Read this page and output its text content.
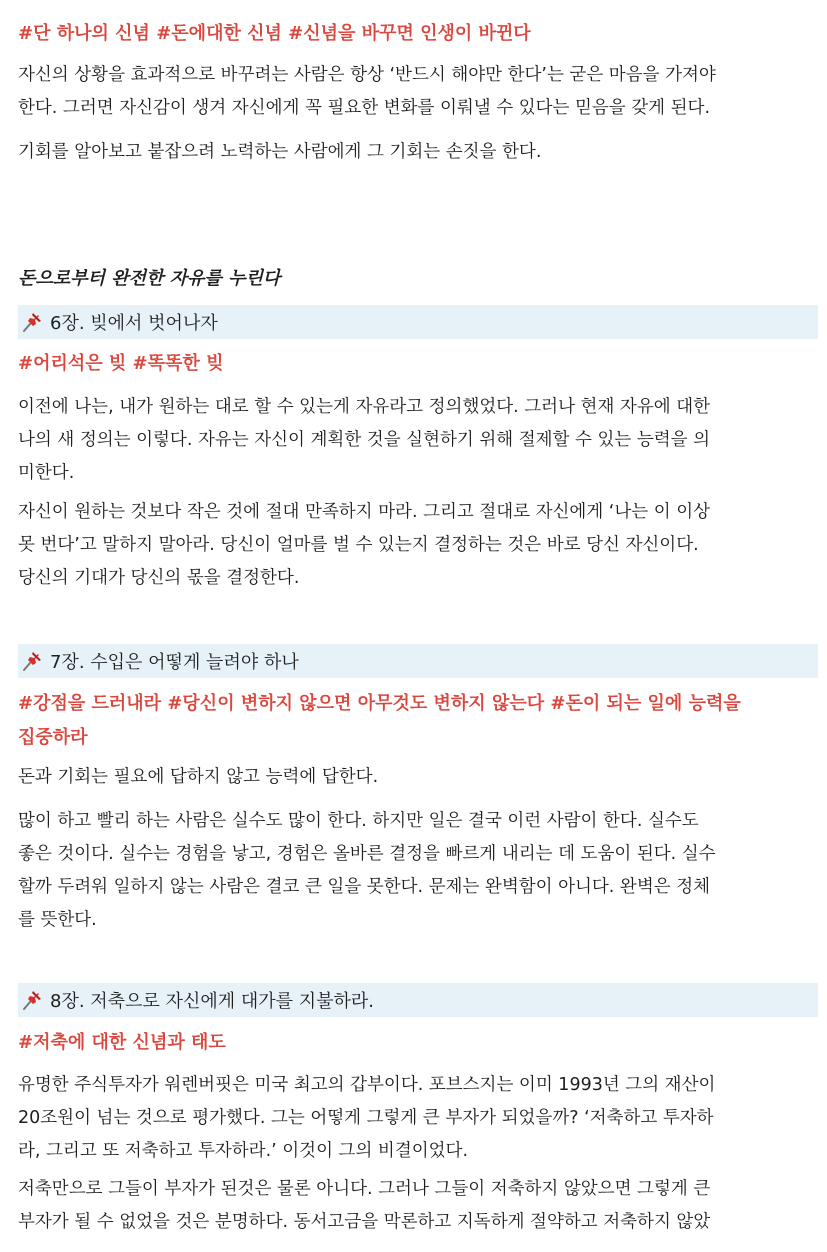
#단 하나의 신념 #돈에대한 신념 #신념을 바꾸면 인생이 바뀐다

자신의 상황을 효과적으로 바꾸려는 사람은 항상 ‘반드시 해야만 한다’는 굳은 마음을 가져야
한다. 그러면 자신감이 생겨 자신에게 꼭 필요한 변화를 이뤄낼 수 있다는 믿음을 갖게 된다.

기회를 알아보고 붙잡으려 노력하는 사람에게 그 기회는 손짓을 한다.

돈으로부터 완전한 자유를 누린다

6장. 빚에서 벗어나자

#어리석은 빚 #똑똑한 빚

이전에 나는, 내가 원하는 대로 할 수 있는게 자유라고 정의했었다. 그러나 현재 자유에 대한
나의 새 정의는 이렇다. 자유는 자신이 계획한 것을 실현하기 위해 절제할 수 있는 능력을 의
미한다.

자신이 원하는 것보다 작은 것에 절대 만족하지 마라. 그리고 절대로 자신에게 ‘나는 이 이상
못 번다’고 말하지 말아라. 당신이 얼마를 벌 수 있는지 결정하는 것은 바로 당신 자신이다.
당신의 기대가 당신의 몫을 결정한다.

7장. 수입은 어떻게 늘려야 하나

#강점을 드러내라 #당신이 변하지 않으면 아무것도 변하지 않는다 #돈이 되는 일에 능력을
집중하라

돈과 기회는 필요에 답하지 않고 능력에 답한다.

많이 하고 빨리 하는 사람은 실수도 많이 한다. 하지만 일은 결국 이런 사람이 한다. 실수도
좋은 것이다. 실수는 경험을 낳고, 경험은 올바른 결정을 빠르게 내리는 데 도움이 된다. 실수
할까 두려워 일하지 않는 사람은 결코 큰 일을 못한다. 문제는 완벽함이 아니다. 완벽은 정체
를 뜻한다.

8장. 저축으로 자신에게 대가를 지불하라.

#저축에 대한 신념과 태도

유명한 주식투자가 워렌버핏은 미국 최고의 갑부이다. 포브스지는 이미 1993년 그의 재산이
20조원이 넘는 것으로 평가했다. 그는 어떻게 그렇게 큰 부자가 되었을까? ‘저축하고 투자하
라, 그리고 또 저축하고 투자하라.’ 이것이 그의 비결이었다.

저축만으로 그들이 부자가 된것은 물론 아니다. 그러나 그들이 저축하지 않았으면 그렇게 큰
부자가 될 수 없었을 것은 분명하다. 동서고금을 막론하고 지독하게 절약하고 저축하지 않았
